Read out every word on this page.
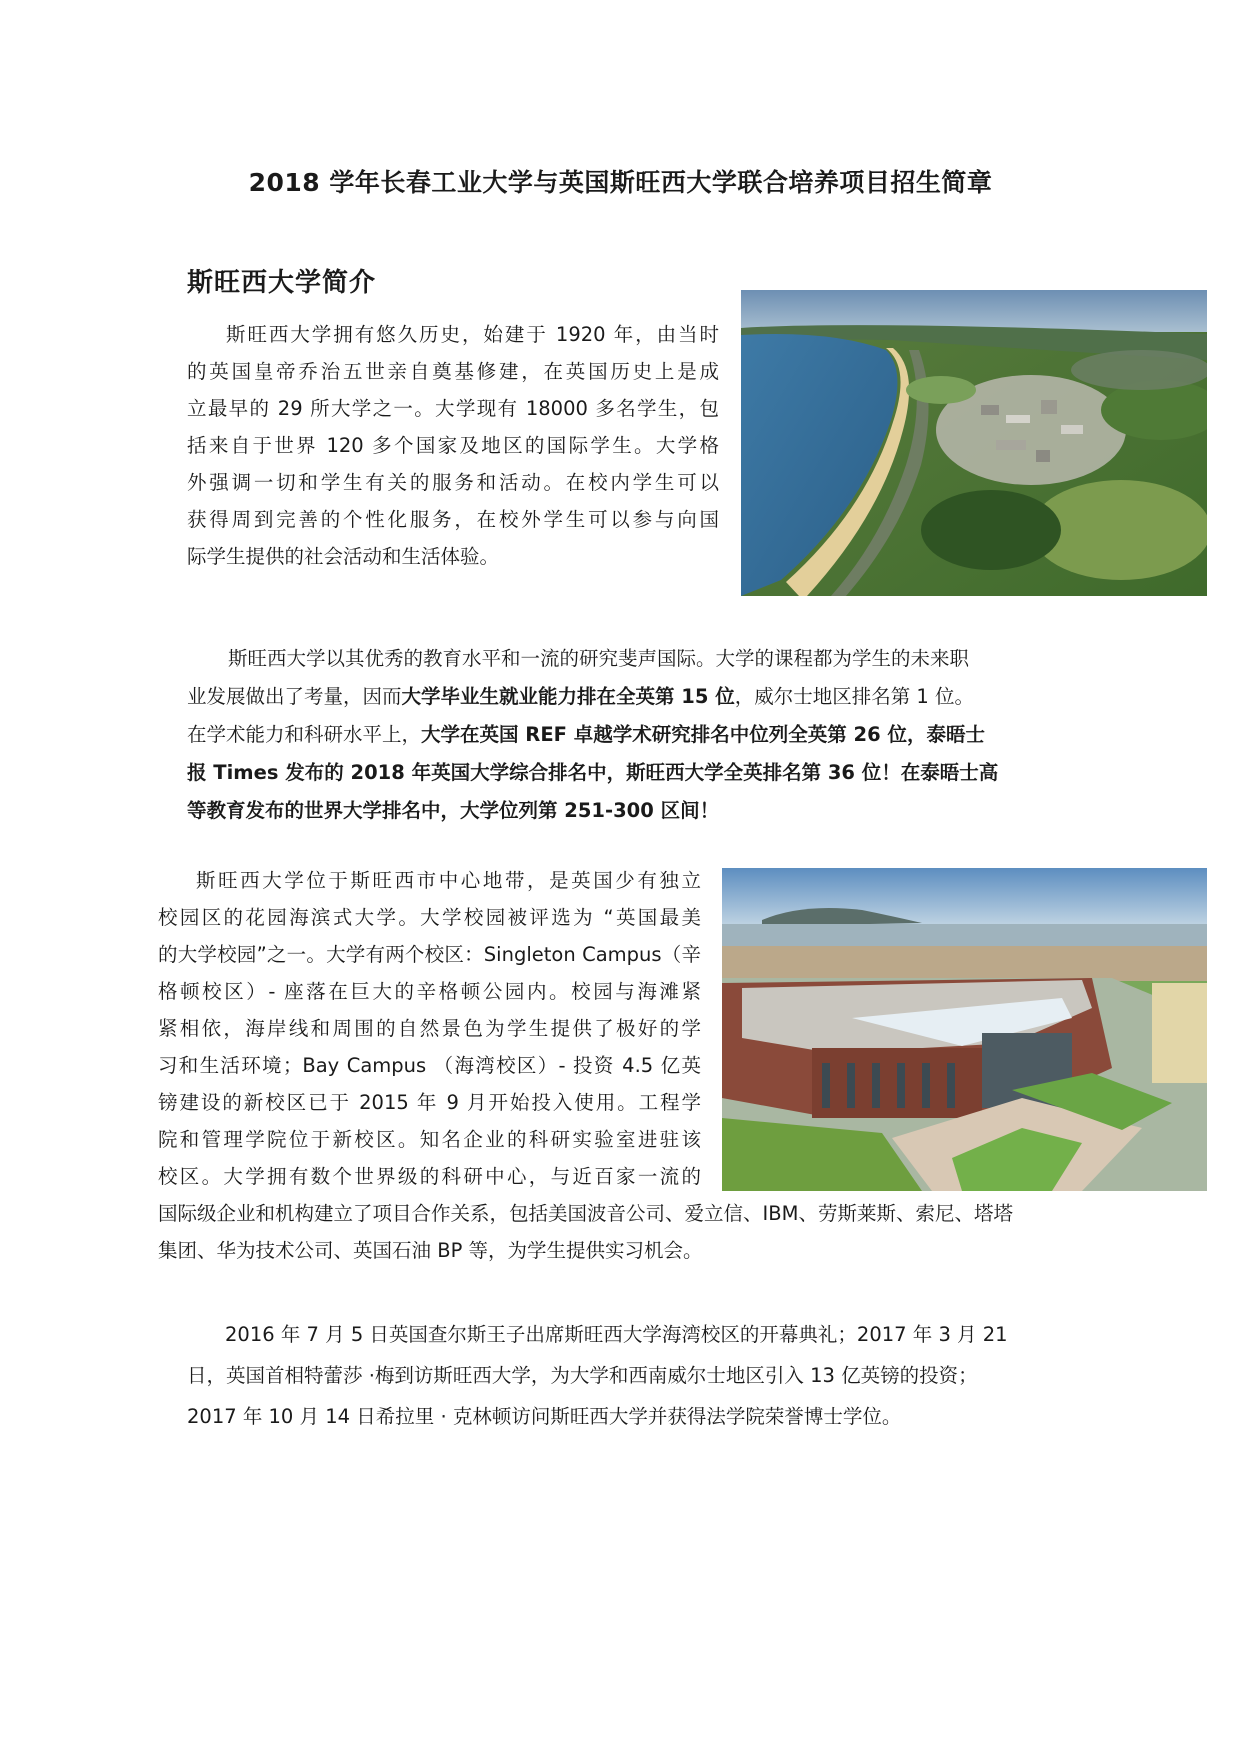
2018 学年长春工业大学与英国斯旺西大学联合培养项目招生简章
斯旺西大学简介
斯旺西大学拥有悠久历史，始建于 1920 年，由当时
的英国皇帝乔治五世亲自奠基修建，在英国历史上是成
立最早的 29 所大学之一。大学现有 18000 多名学生，包
括来自于世界 120 多个国家及地区的国际学生。大学格
外强调一切和学生有关的服务和活动。在校内学生可以
获得周到完善的个性化服务，在校外学生可以参与向国
际学生提供的社会活动和生活体验。
斯旺西大学以其优秀的教育水平和一流的研究斐声国际。大学的课程都为学生的未来职
业发展做出了考量，因而大学毕业生就业能力排在全英第 15 位，威尔士地区排名第 1 位。
在学术能力和科研水平上，大学在英国 REF 卓越学术研究排名中位列全英第 26 位，泰晤士
报 Times 发布的 2018 年英国大学综合排名中，斯旺西大学全英排名第 36 位！在泰晤士高
等教育发布的世界大学排名中，大学位列第 251-300 区间！
斯旺西大学位于斯旺西市中心地带，是英国少有独立
校园区的花园海滨式大学。大学校园被评选为 “英国最美
的大学校园”之一。大学有两个校区：Singleton Campus（辛
格顿校区）- 座落在巨大的辛格顿公园内。校园与海滩紧
紧相依，海岸线和周围的自然景色为学生提供了极好的学
习和生活环境；Bay Campus （海湾校区）- 投资 4.5 亿英
镑建设的新校区已于 2015 年 9 月开始投入使用。工程学
院和管理学院位于新校区。知名企业的科研实验室进驻该
校区。大学拥有数个世界级的科研中心，与近百家一流的
国际级企业和机构建立了项目合作关系，包括美国波音公司、爱立信、IBM、劳斯莱斯、索尼、塔塔
集团、华为技术公司、英国石油 BP 等，为学生提供实习机会。
2016 年 7 月 5 日英国查尔斯王子出席斯旺西大学海湾校区的开幕典礼；2017 年 3 月 21
日，英国首相特蕾莎 ·梅到访斯旺西大学，为大学和西南威尔士地区引入 13 亿英镑的投资；
2017 年 10 月 14 日希拉里 · 克林顿访问斯旺西大学并获得法学院荣誉博士学位。
